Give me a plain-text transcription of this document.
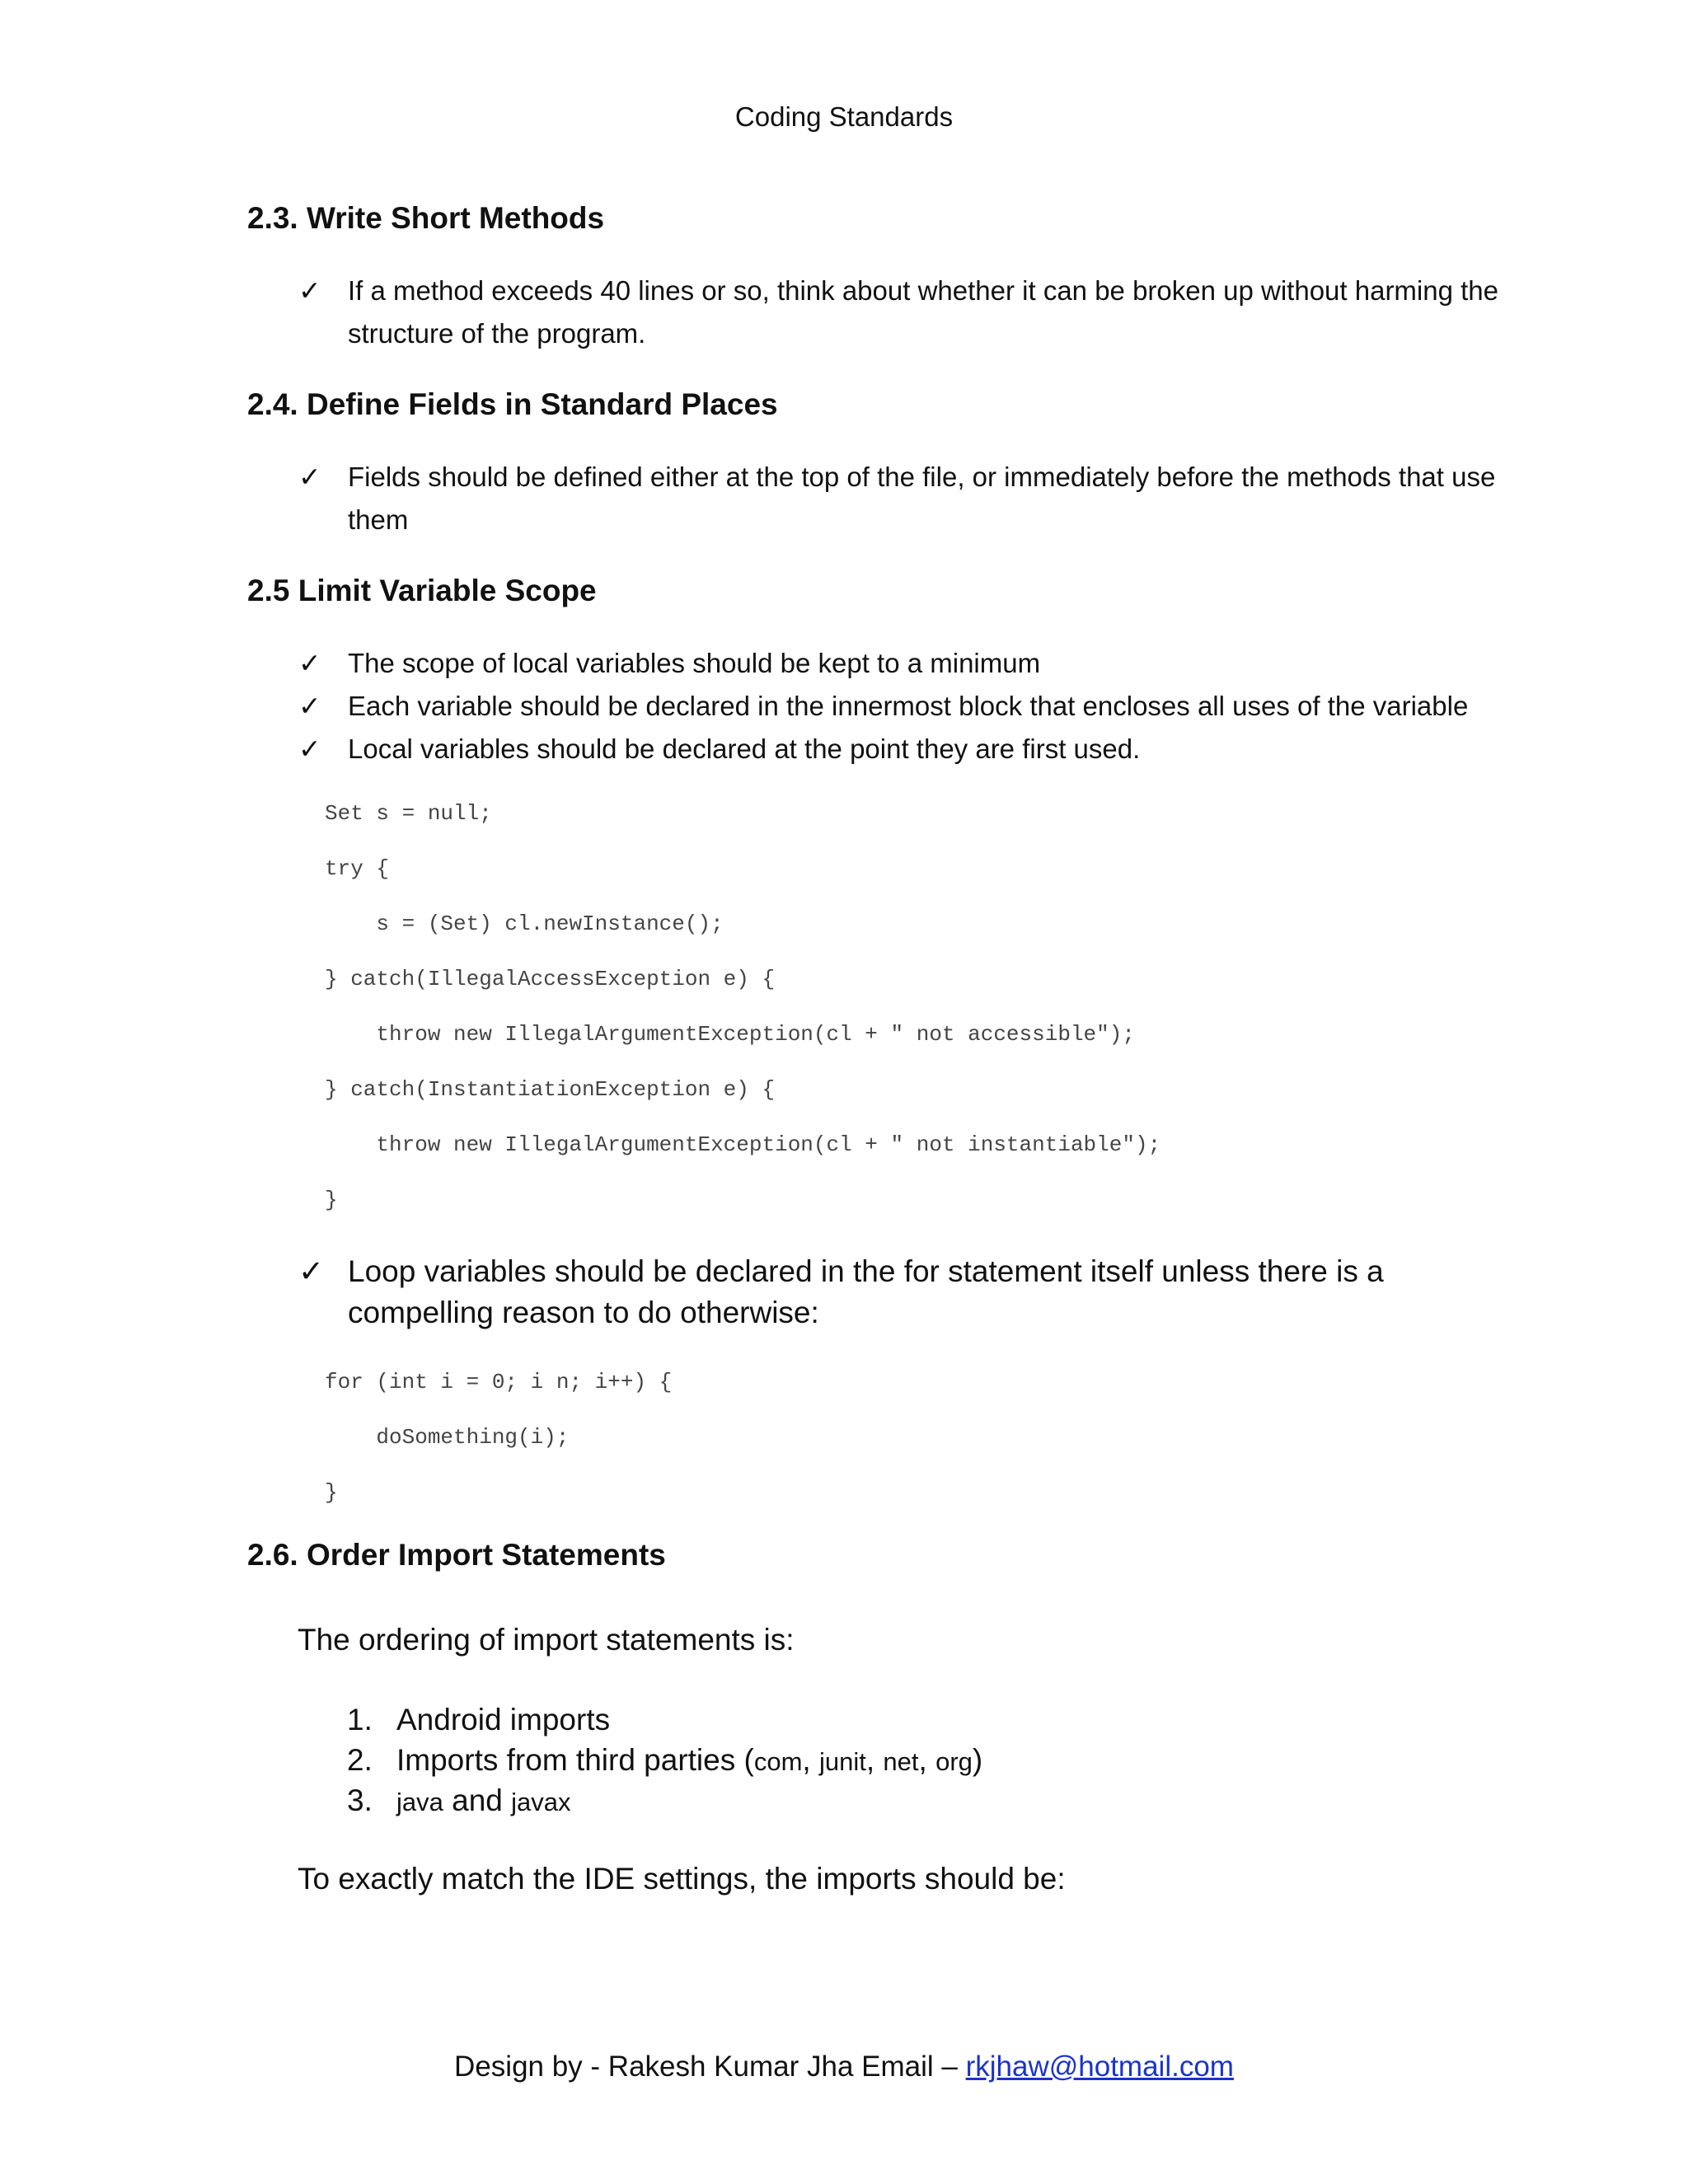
Coding Standards
2.3. Write Short Methods
✓ If a method exceeds 40 lines or so, think about whether it can be broken up without harming the structure of the program.
2.4. Define Fields in Standard Places
✓ Fields should be defined either at the top of the file, or immediately before the methods that use them
2.5 Limit Variable Scope
✓ The scope of local variables should be kept to a minimum
✓ Each variable should be declared in the innermost block that encloses all uses of the variable
✓ Local variables should be declared at the point they are first used.
Set s = null;
try {
s = (Set) cl.newInstance();
} catch(IllegalAccessException e) {
throw new IllegalArgumentException(cl + " not accessible");
} catch(InstantiationException e) {
throw new IllegalArgumentException(cl + " not instantiable");
}
✓ Loop variables should be declared in the for statement itself unless there is a compelling reason to do otherwise:
for (int i = 0; i n; i++) {
doSomething(i);
}
2.6. Order Import Statements
The ordering of import statements is:
1. Android imports
2. Imports from third parties (com, junit, net, org)
3. java and javax
To exactly match the IDE settings, the imports should be:
Design by - Rakesh Kumar Jha Email – rkjhaw@hotmail.com
